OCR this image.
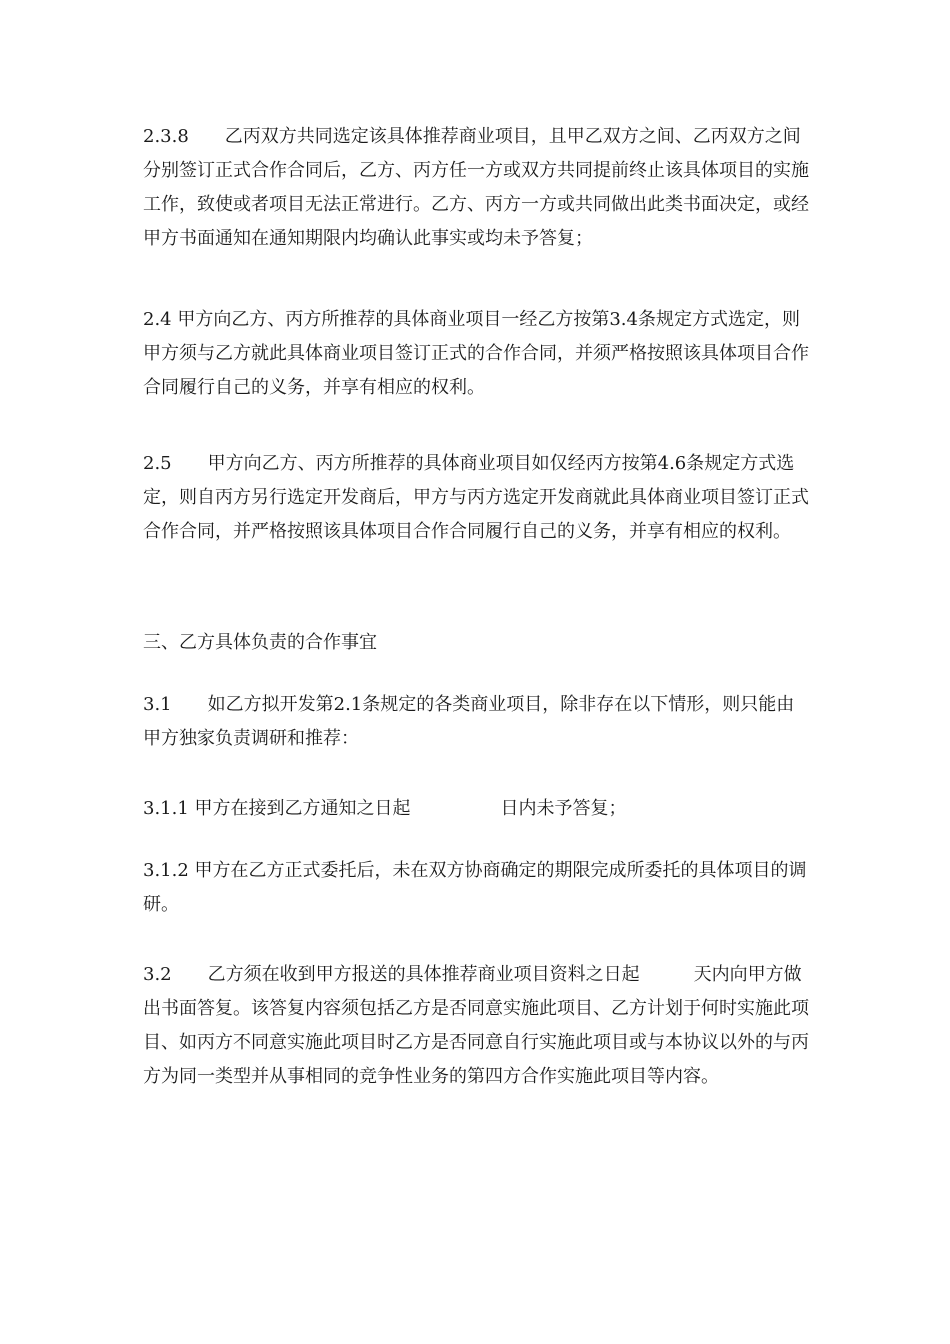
2.3.8　　乙丙双方共同选定该具体推荐商业项目，且甲乙双方之间、乙丙双方之间分别签订正式合作合同后，乙方、丙方任一方或双方共同提前终止该具体项目的实施工作，致使或者项目无法正常进行。乙方、丙方一方或共同做出此类书面决定，或经甲方书面通知在通知期限内均确认此事实或均未予答复；

2.4 甲方向乙方、丙方所推荐的具体商业项目一经乙方按第3.4条规定方式选定，则甲方须与乙方就此具体商业项目签订正式的合作合同，并须严格按照该具体项目合作合同履行自己的义务，并享有相应的权利。

2.5　　甲方向乙方、丙方所推荐的具体商业项目如仅经丙方按第4.6条规定方式选定，则自丙方另行选定开发商后，甲方与丙方选定开发商就此具体商业项目签订正式合作合同，并严格按照该具体项目合作合同履行自己的义务，并享有相应的权利。

三、乙方具体负责的合作事宜

3.1　　如乙方拟开发第2.1条规定的各类商业项目，除非存在以下情形，则只能由甲方独家负责调研和推荐：

3.1.1 甲方在接到乙方通知之日起　　　　　日内未予答复；

3.1.2 甲方在乙方正式委托后，未在双方协商确定的期限完成所委托的具体项目的调研。

3.2　　乙方须在收到甲方报送的具体推荐商业项目资料之日起　　　天内向甲方做出书面答复。该答复内容须包括乙方是否同意实施此项目、乙方计划于何时实施此项目、如丙方不同意实施此项目时乙方是否同意自行实施此项目或与本协议以外的与丙方为同一类型并从事相同的竞争性业务的第四方合作实施此项目等内容。
